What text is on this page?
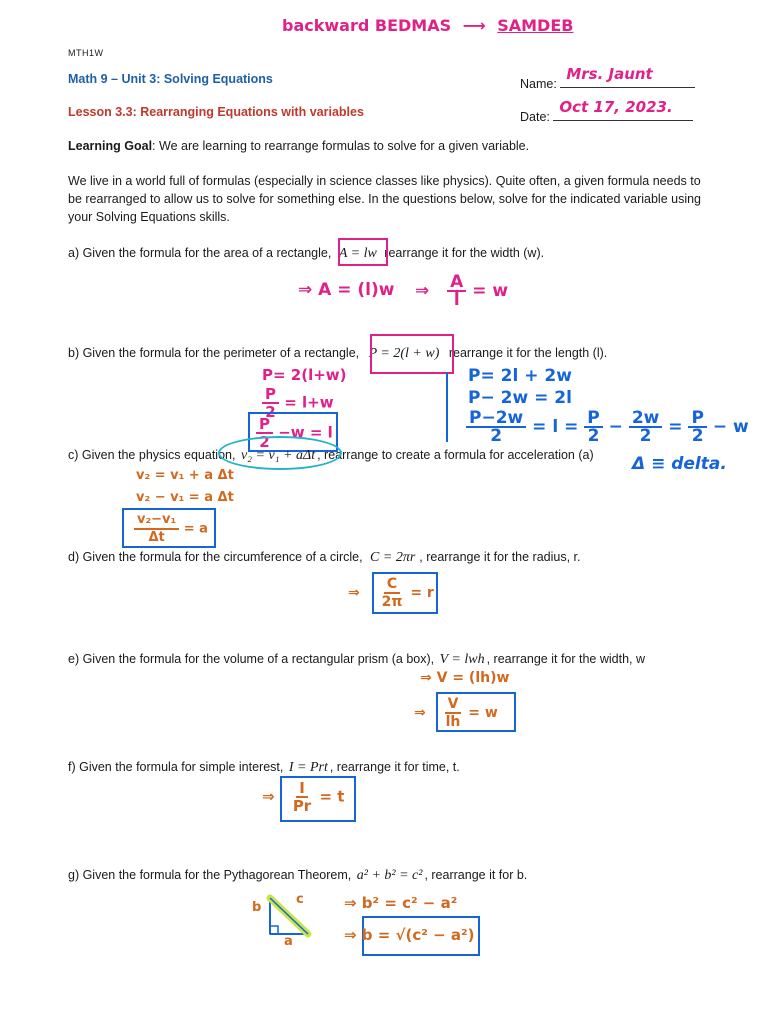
backward BEDMAS ⟶ SAMDEB
MTH1W
Math 9 – Unit 3: Solving Equations
Lesson 3.3: Rearranging Equations with variables
Name:
Mrs. Jaunt
Date:
Oct 17, 2023.
Learning Goal: We are learning to rearrange formulas to solve for a given variable.
We live in a world full of formulas (especially in science classes like physics). Quite often, a given formula needs to be rearranged to allow us to solve for something else. In the questions below, solve for the indicated variable using your Solving Equations skills.
a) Given the formula for the area of a rectangle, A = lw rearrange it for the width (w).
⇒ A = (l)w ⇒ $\frac{A}{l} = w$
b) Given the formula for the perimeter of a rectangle, P = 2(l + w) rearrange it for the length (l).
P= 2(l+w)
$\frac{P}{2} = l+w$
$\frac{P}{2} -w = l$
P= 2l + 2w
P− 2w = 2l
$\frac{P-2w}{2} = l = \frac{P}{2} - \frac{2w}{2} = \frac{P}{2} - w$
c) Given the physics equation, v₂ = v₁ + aΔt , rearrange to create a formula for acceleration (a)
v₂ = v₁ + a Δt
v₂ − v₁ = a Δt
$\frac{\text{v₂−v₁}}{\Delta t} = a$
Δ ≡ delta.
d) Given the formula for the circumference of a circle, C = 2πr , rearrange it for the radius, r.
⇒ $\frac{C}{2\pi} = r$
e) Given the formula for the volume of a rectangular prism (a box), V = lwh , rearrange it for the width, w
⇒ V = (lh)w
⇒ $\frac{V}{lh} = w$
f) Given the formula for simple interest, I = Prt , rearrange it for time, t.
⇒ $\frac{I}{Pr} = t$
g) Given the formula for the Pythagorean Theorem, a² + b² = c² , rearrange it for b.
b
c
a
⇒ b² = c² − a²
⇒ b = √(c² − a²)
